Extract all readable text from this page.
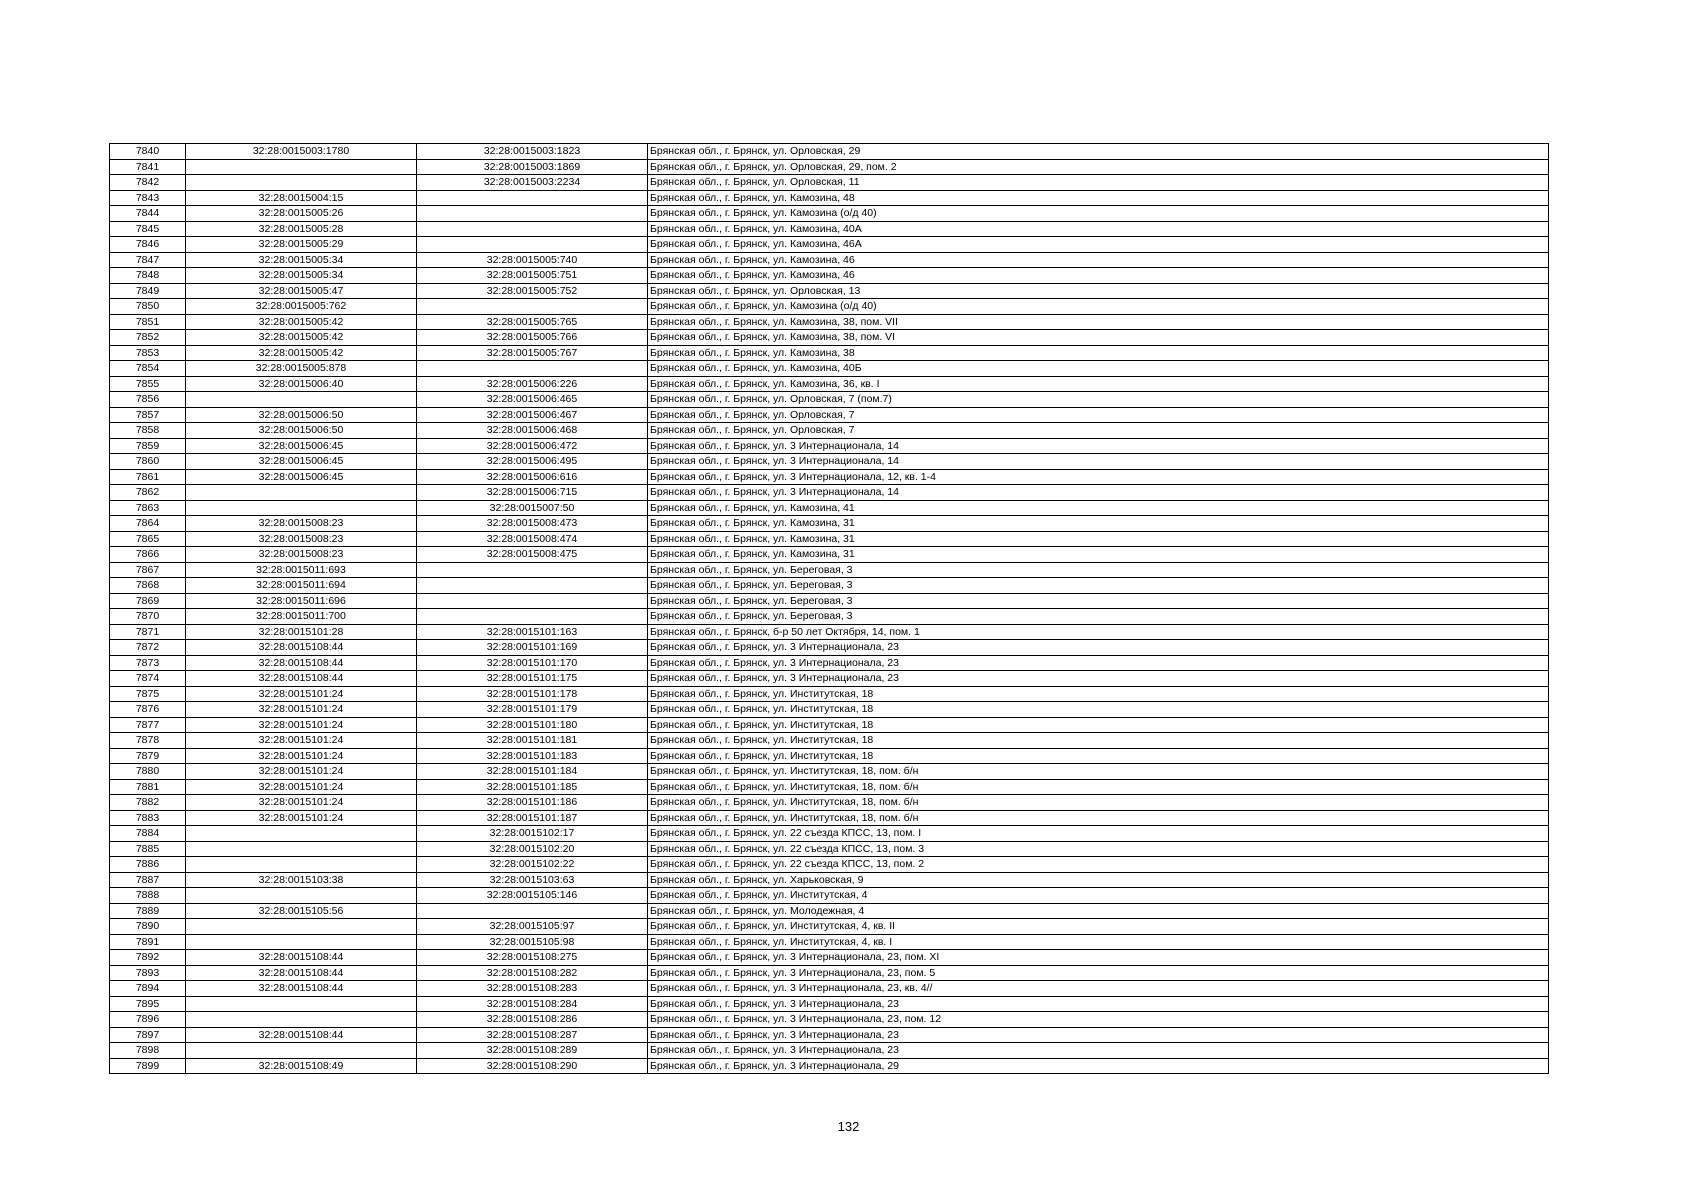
7840	32:28:0015003:1780	32:28:0015003:1823	Брянская обл., г. Брянск, ул. Орловская, 29
7841		32:28:0015003:1869	Брянская обл., г. Брянск, ул. Орловская, 29, пом. 2
7842		32:28:0015003:2234	Брянская обл., г. Брянск, ул. Орловская, 11
7843	32:28:0015004:15		Брянская обл., г. Брянск, ул. Камозина, 48
7844	32:28:0015005:26		Брянская обл., г. Брянск, ул. Камозина (о/д 40)
7845	32:28:0015005:28		Брянская обл., г. Брянск, ул. Камозина, 40А
7846	32:28:0015005:29		Брянская обл., г. Брянск, ул. Камозина, 46А
7847	32:28:0015005:34	32:28:0015005:740	Брянская обл., г. Брянск, ул. Камозина, 46
7848	32:28:0015005:34	32:28:0015005:751	Брянская обл., г. Брянск, ул. Камозина, 46
7849	32:28:0015005:47	32:28:0015005:752	Брянская обл., г. Брянск, ул. Орловская, 13
7850	32:28:0015005:762		Брянская обл., г. Брянск, ул. Камозина (о/д 40)
7851	32:28:0015005:42	32:28:0015005:765	Брянская обл., г. Брянск, ул. Камозина, 38, пом. VII
7852	32:28:0015005:42	32:28:0015005:766	Брянская обл., г. Брянск, ул. Камозина, 38, пом. VI
7853	32:28:0015005:42	32:28:0015005:767	Брянская обл., г. Брянск, ул. Камозина, 38
7854	32:28:0015005:878		Брянская обл., г. Брянск, ул. Камозина, 40Б
7855	32:28:0015006:40	32:28:0015006:226	Брянская обл., г. Брянск, ул. Камозина, 36, кв. I
7856		32:28:0015006:465	Брянская обл., г. Брянск, ул. Орловская, 7 (пом.7)
7857	32:28:0015006:50	32:28:0015006:467	Брянская обл., г. Брянск, ул. Орловская, 7
7858	32:28:0015006:50	32:28:0015006:468	Брянская обл., г. Брянск, ул. Орловская, 7
7859	32:28:0015006:45	32:28:0015006:472	Брянская обл., г. Брянск, ул. 3 Интернационала, 14
7860	32:28:0015006:45	32:28:0015006:495	Брянская обл., г. Брянск, ул. 3 Интернационала, 14
7861	32:28:0015006:45	32:28:0015006:616	Брянская обл., г. Брянск, ул. 3 Интернационала, 12, кв. 1-4
7862		32:28:0015006:715	Брянская обл., г. Брянск, ул. 3 Интернационала, 14
7863		32:28:0015007:50	Брянская обл., г. Брянск, ул. Камозина, 41
7864	32:28:0015008:23	32:28:0015008:473	Брянская обл., г. Брянск, ул. Камозина, 31
7865	32:28:0015008:23	32:28:0015008:474	Брянская обл., г. Брянск, ул. Камозина, 31
7866	32:28:0015008:23	32:28:0015008:475	Брянская обл., г. Брянск, ул. Камозина, 31
7867	32:28:0015011:693		Брянская обл., г. Брянск, ул. Береговая, 3
7868	32:28:0015011:694		Брянская обл., г. Брянск, ул. Береговая, 3
7869	32:28:0015011:696		Брянская обл., г. Брянск, ул. Береговая, 3
7870	32:28:0015011:700		Брянская обл., г. Брянск, ул. Береговая, 3
7871	32:28:0015101:28	32:28:0015101:163	Брянская обл., г. Брянск, б-р 50 лет Октября, 14, пом. 1
7872	32:28:0015108:44	32:28:0015101:169	Брянская обл., г. Брянск, ул. 3 Интернационала, 23
7873	32:28:0015108:44	32:28:0015101:170	Брянская обл., г. Брянск, ул. 3 Интернационала, 23
7874	32:28:0015108:44	32:28:0015101:175	Брянская обл., г. Брянск, ул. 3 Интернационала, 23
7875	32:28:0015101:24	32:28:0015101:178	Брянская обл., г. Брянск, ул. Институтская, 18
7876	32:28:0015101:24	32:28:0015101:179	Брянская обл., г. Брянск, ул. Институтская, 18
7877	32:28:0015101:24	32:28:0015101:180	Брянская обл., г. Брянск, ул. Институтская, 18
7878	32:28:0015101:24	32:28:0015101:181	Брянская обл., г. Брянск, ул. Институтская, 18
7879	32:28:0015101:24	32:28:0015101:183	Брянская обл., г. Брянск, ул. Институтская, 18
7880	32:28:0015101:24	32:28:0015101:184	Брянская обл., г. Брянск, ул. Институтская, 18, пом. б/н
7881	32:28:0015101:24	32:28:0015101:185	Брянская обл., г. Брянск, ул. Институтская, 18, пом. б/н
7882	32:28:0015101:24	32:28:0015101:186	Брянская обл., г. Брянск, ул. Институтская, 18, пом. б/н
7883	32:28:0015101:24	32:28:0015101:187	Брянская обл., г. Брянск, ул. Институтская, 18, пом. б/н
7884		32:28:0015102:17	Брянская обл., г. Брянск, ул. 22 съезда КПСС, 13, пом. I
7885		32:28:0015102:20	Брянская обл., г. Брянск, ул. 22 съезда КПСС, 13, пом. 3
7886		32:28:0015102:22	Брянская обл., г. Брянск, ул. 22 съезда КПСС, 13, пом. 2
7887	32:28:0015103:38	32:28:0015103:63	Брянская обл., г. Брянск, ул. Харьковская, 9
7888		32:28:0015105:146	Брянская обл., г. Брянск, ул. Институтская, 4
7889	32:28:0015105:56		Брянская обл., г. Брянск, ул. Молодежная, 4
7890		32:28:0015105:97	Брянская обл., г. Брянск, ул. Институтская, 4, кв. II
7891		32:28:0015105:98	Брянская обл., г. Брянск, ул. Институтская, 4, кв. I
7892	32:28:0015108:44	32:28:0015108:275	Брянская обл., г. Брянск, ул. 3 Интернационала, 23, пом. XI
7893	32:28:0015108:44	32:28:0015108:282	Брянская обл., г. Брянск, ул. 3 Интернационала, 23, пом. 5
7894	32:28:0015108:44	32:28:0015108:283	Брянская обл., г. Брянск, ул. 3 Интернационала, 23, кв. 4//
7895		32:28:0015108:284	Брянская обл., г. Брянск, ул. 3 Интернационала, 23
7896		32:28:0015108:286	Брянская обл., г. Брянск, ул. 3 Интернационала, 23, пом. 12
7897	32:28:0015108:44	32:28:0015108:287	Брянская обл., г. Брянск, ул. 3 Интернационала, 23
7898		32:28:0015108:289	Брянская обл., г. Брянск, ул. 3 Интернационала, 23
7899	32:28:0015108:49	32:28:0015108:290	Брянская обл., г. Брянск, ул. 3 Интернационала, 29
132
